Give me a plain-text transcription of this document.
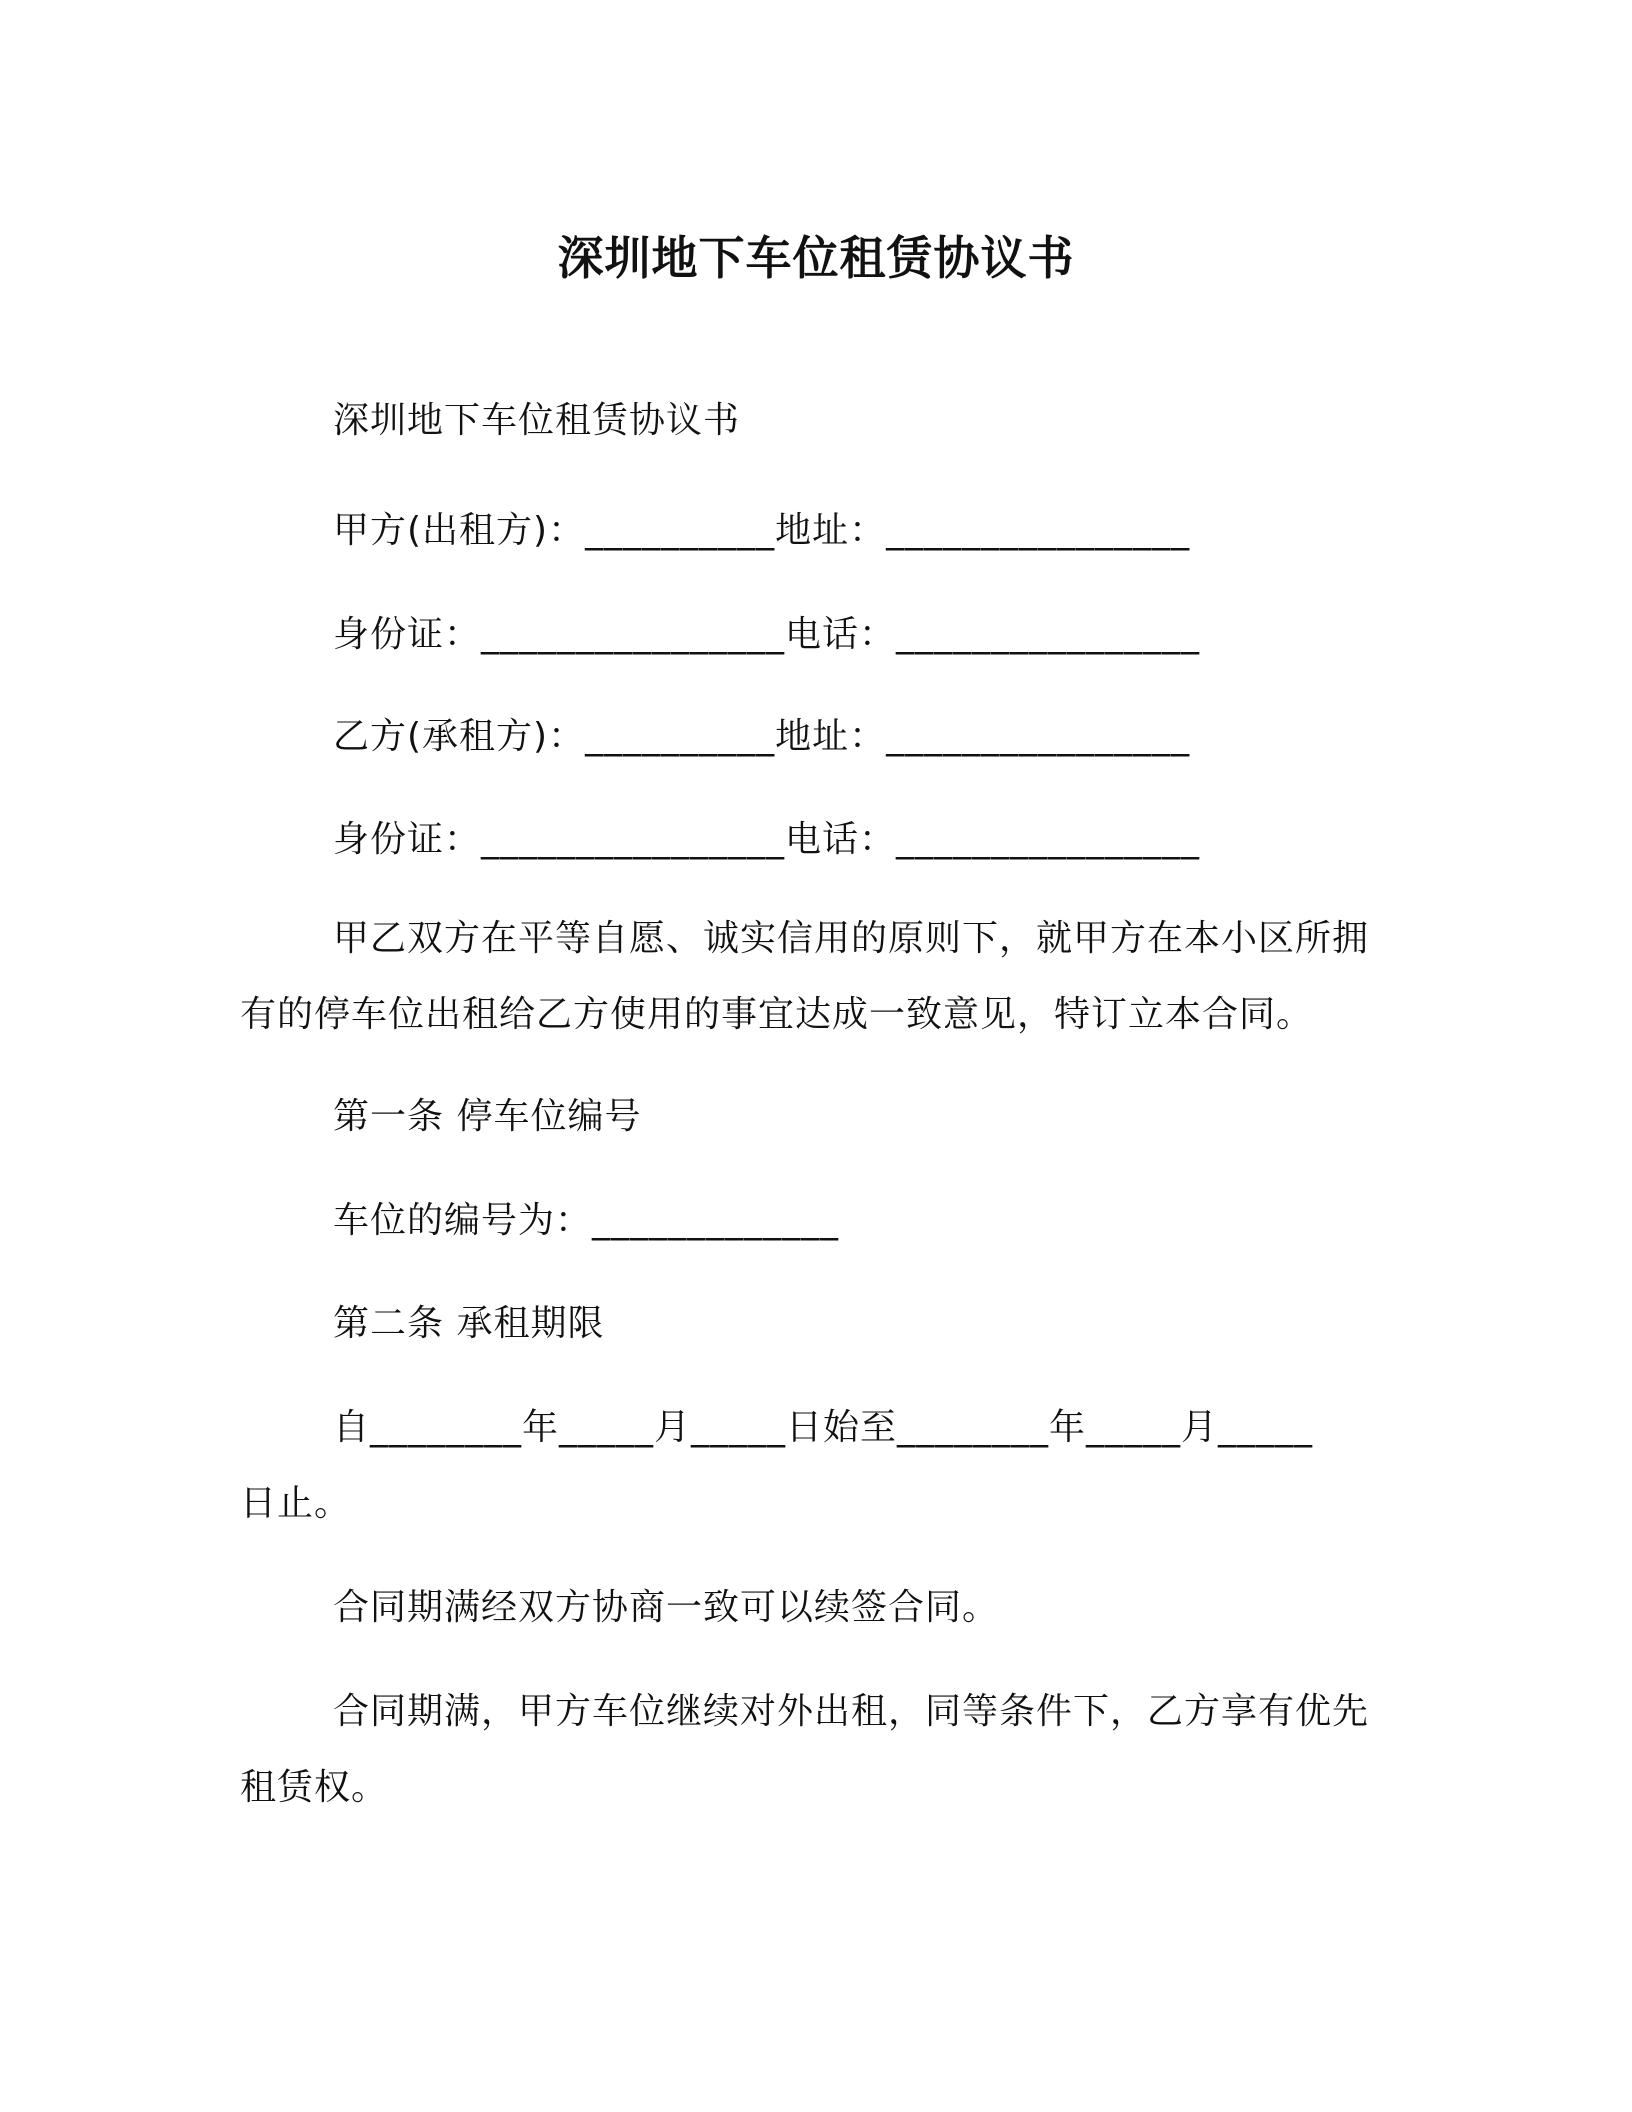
深圳地下车位租赁协议书
深圳地下车位租赁协议书
甲方(出租方)：__________地址：________________
身份证：________________电话：________________
乙方(承租方)：__________地址：________________
身份证：________________电话：________________
甲乙双方在平等自愿、诚实信用的原则下，就甲方在本小区所拥
有的停车位出租给乙方使用的事宜达成一致意见，特订立本合同。
第一条 停车位编号
车位的编号为：_____________
第二条 承租期限
自________年_____月_____日始至________年_____月_____
日止。
合同期满经双方协商一致可以续签合同。
合同期满，甲方车位继续对外出租，同等条件下，乙方享有优先
租赁权。
